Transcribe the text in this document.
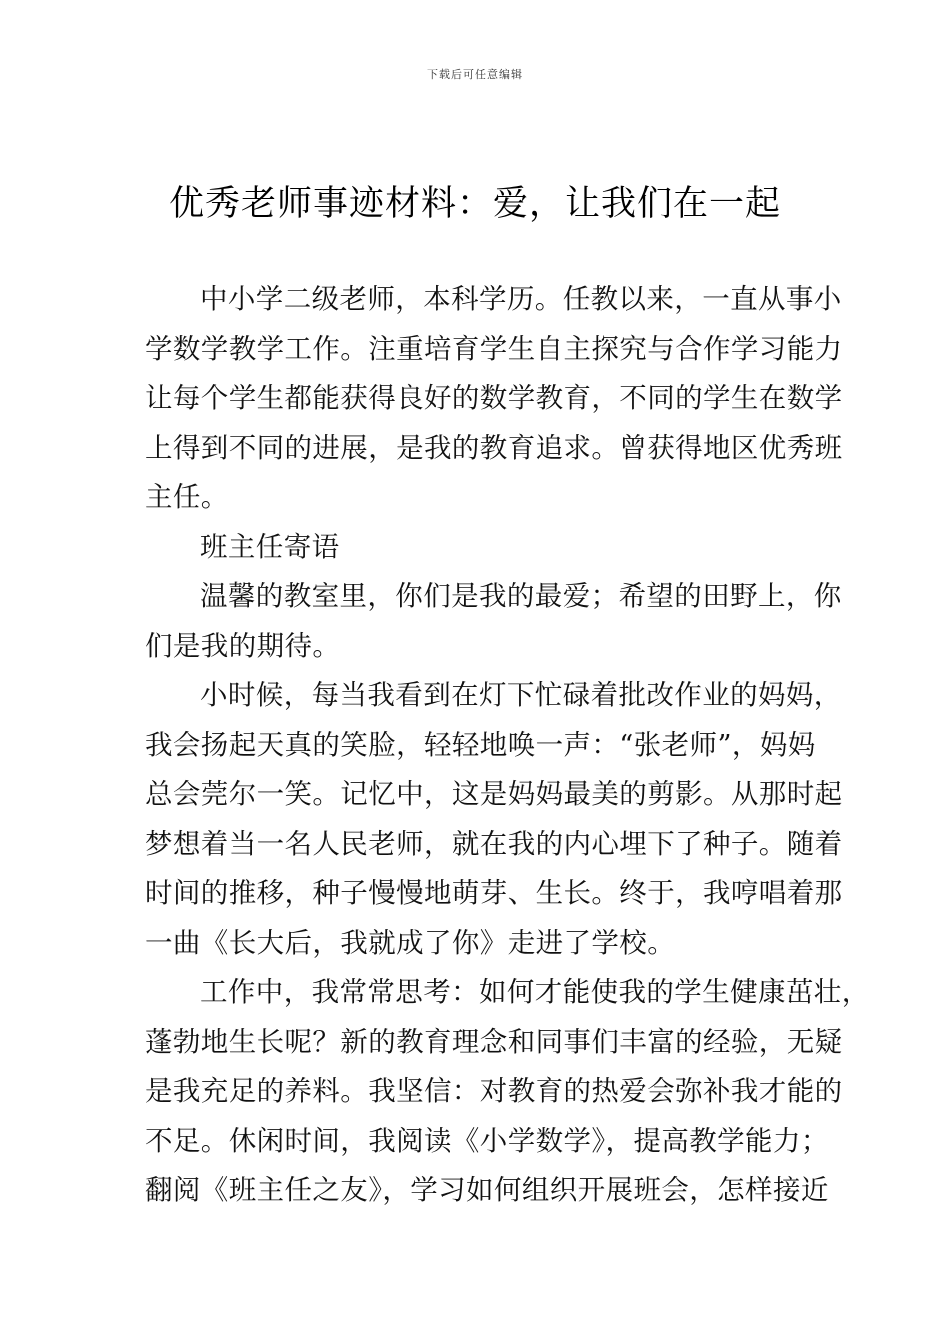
下载后可任意编辑
优秀老师事迹材料：爱，让我们在一起
中小学二级老师，本科学历。任教以来，一直从事小
学数学教学工作。注重培育学生自主探究与合作学习能力
让每个学生都能获得良好的数学教育，不同的学生在数学
上得到不同的进展，是我的教育追求。曾获得地区优秀班
主任。
班主任寄语
温馨的教室里，你们是我的最爱；希望的田野上，你
们是我的期待。
小时候，每当我看到在灯下忙碌着批改作业的妈妈，
我会扬起天真的笑脸，轻轻地唤一声：“张老师”，妈妈
总会莞尔一笑。记忆中，这是妈妈最美的剪影。从那时起
梦想着当一名人民老师，就在我的内心埋下了种子。随着
时间的推移，种子慢慢地萌芽、生长。终于，我哼唱着那
一曲《长大后，我就成了你》走进了学校。
工作中，我常常思考：如何才能使我的学生健康茁壮，
蓬勃地生长呢？新的教育理念和同事们丰富的经验，无疑
是我充足的养料。我坚信：对教育的热爱会弥补我才能的
不足。休闲时间，我阅读《小学数学》，提高教学能力；
翻阅《班主任之友》，学习如何组织开展班会，怎样接近
